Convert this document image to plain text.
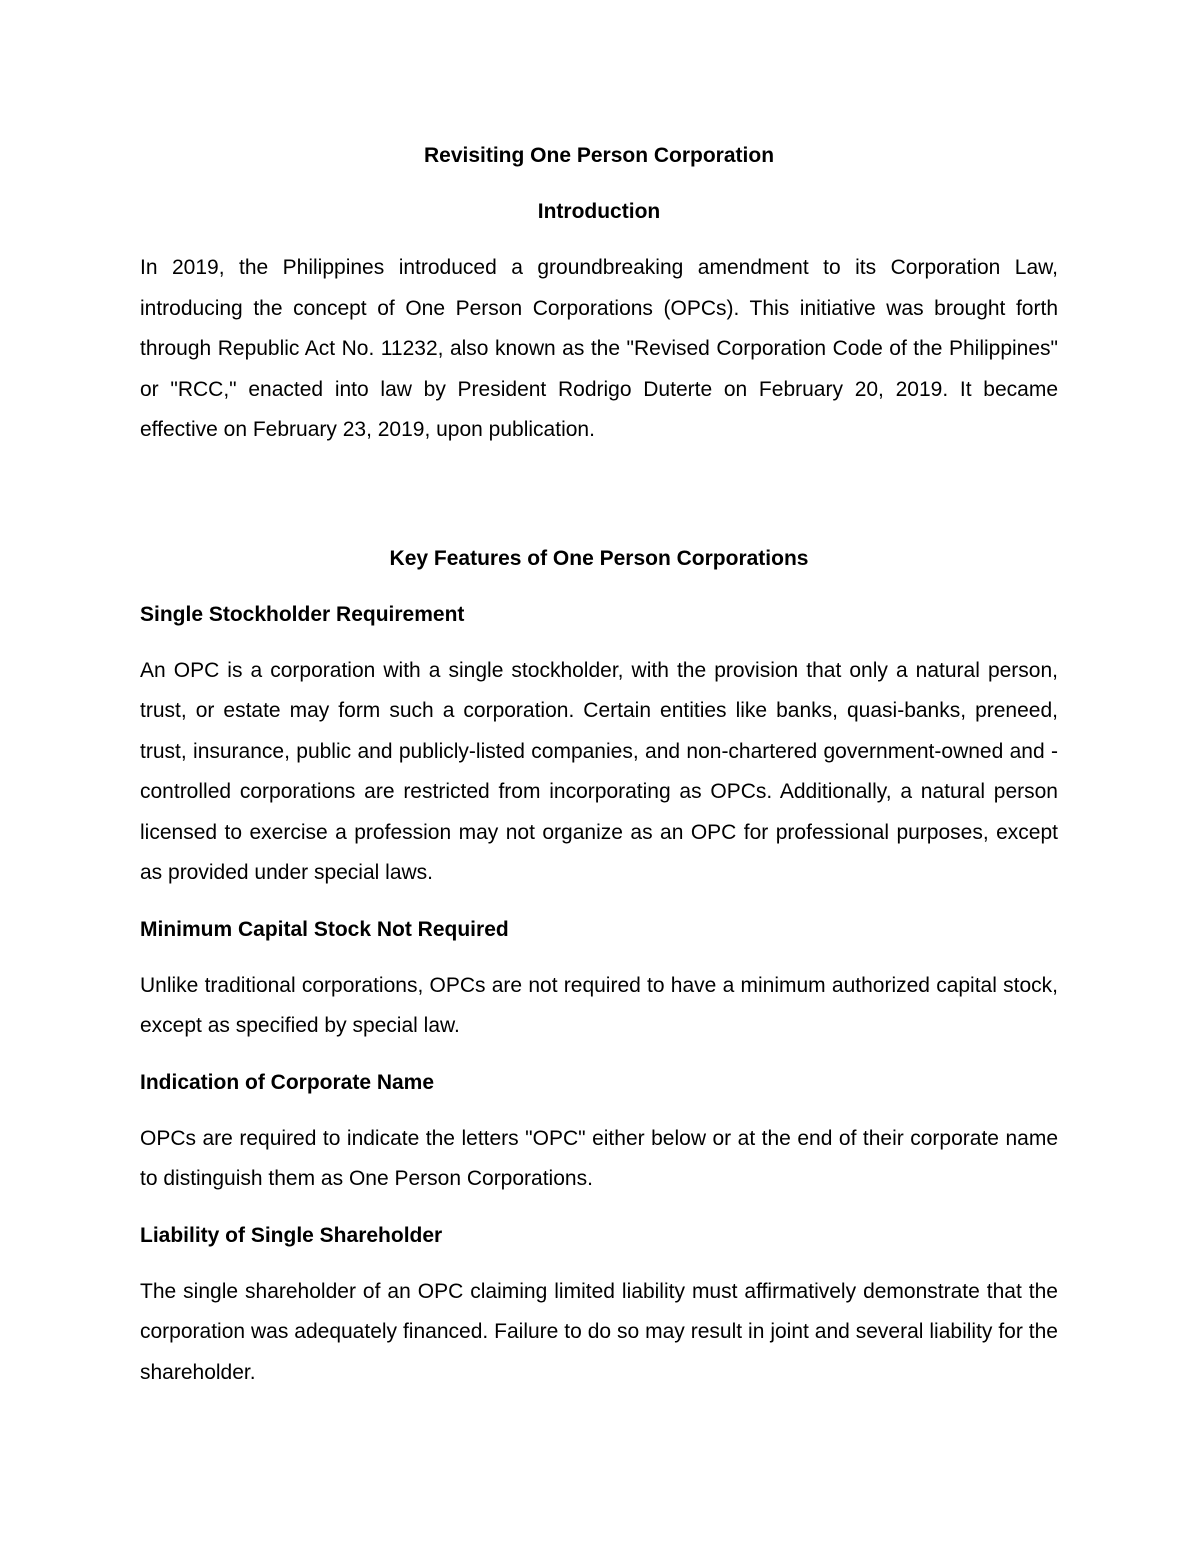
Revisiting One Person Corporation
Introduction

In 2019, the Philippines introduced a groundbreaking amendment to its Corporation Law, introducing the concept of One Person Corporations (OPCs). This initiative was brought forth through Republic Act No. 11232, also known as the "Revised Corporation Code of the Philippines" or "RCC," enacted into law by President Rodrigo Duterte on February 20, 2019. It became effective on February 23, 2019, upon publication.

Key Features of One Person Corporations
Single Stockholder Requirement

An OPC is a corporation with a single stockholder, with the provision that only a natural person, trust, or estate may form such a corporation. Certain entities like banks, quasi-banks, preneed, trust, insurance, public and publicly-listed companies, and non-chartered government-owned and -controlled corporations are restricted from incorporating as OPCs. Additionally, a natural person licensed to exercise a profession may not organize as an OPC for professional purposes, except as provided under special laws.

Minimum Capital Stock Not Required

Unlike traditional corporations, OPCs are not required to have a minimum authorized capital stock, except as specified by special law.

Indication of Corporate Name

OPCs are required to indicate the letters "OPC" either below or at the end of their corporate name to distinguish them as One Person Corporations.

Liability of Single Shareholder

The single shareholder of an OPC claiming limited liability must affirmatively demonstrate that the corporation was adequately financed. Failure to do so may result in joint and several liability for the shareholder.
